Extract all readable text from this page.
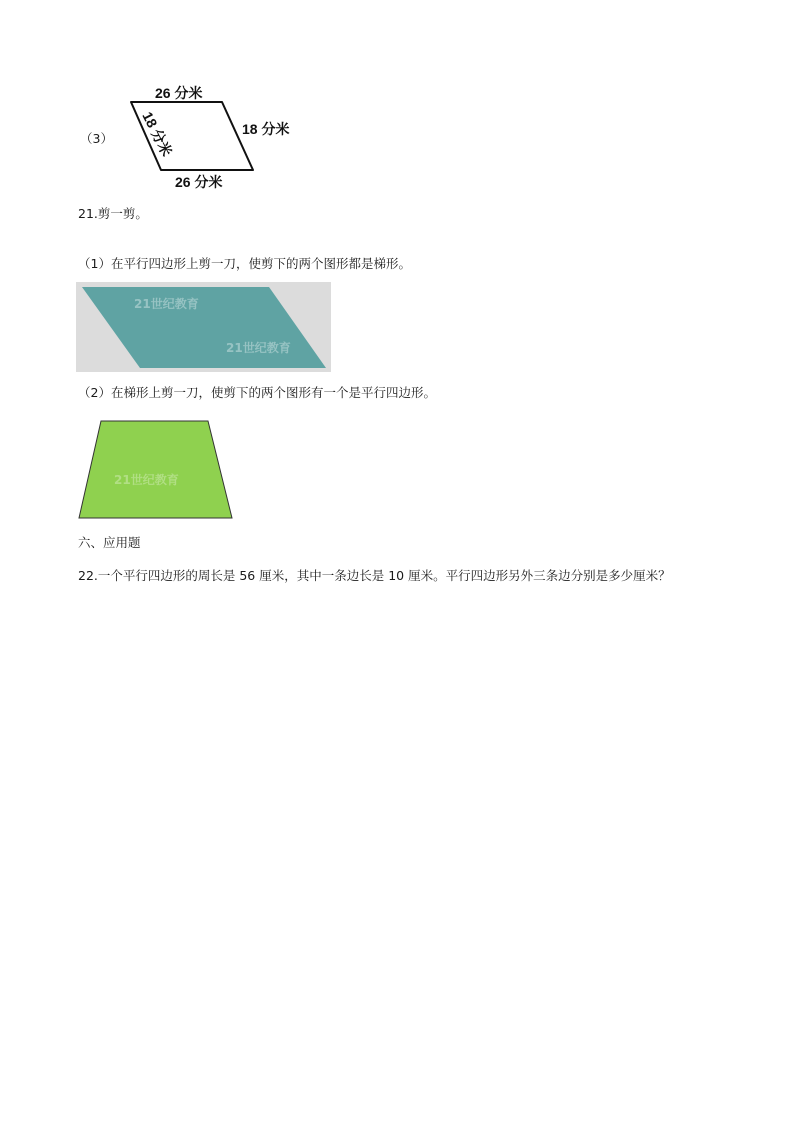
（3）
26 分米
18 分米
26 分米
18 分米
21.剪一剪。
（1）在平行四边形上剪一刀，使剪下的两个图形都是梯形。
21世纪教育
21世纪教育
（2）在梯形上剪一刀，使剪下的两个图形有一个是平行四边形。
21世纪教育
六、应用题
22.一个平行四边形的周长是 56 厘米，其中一条边长是 10 厘米。平行四边形另外三条边分别是多少厘米？
